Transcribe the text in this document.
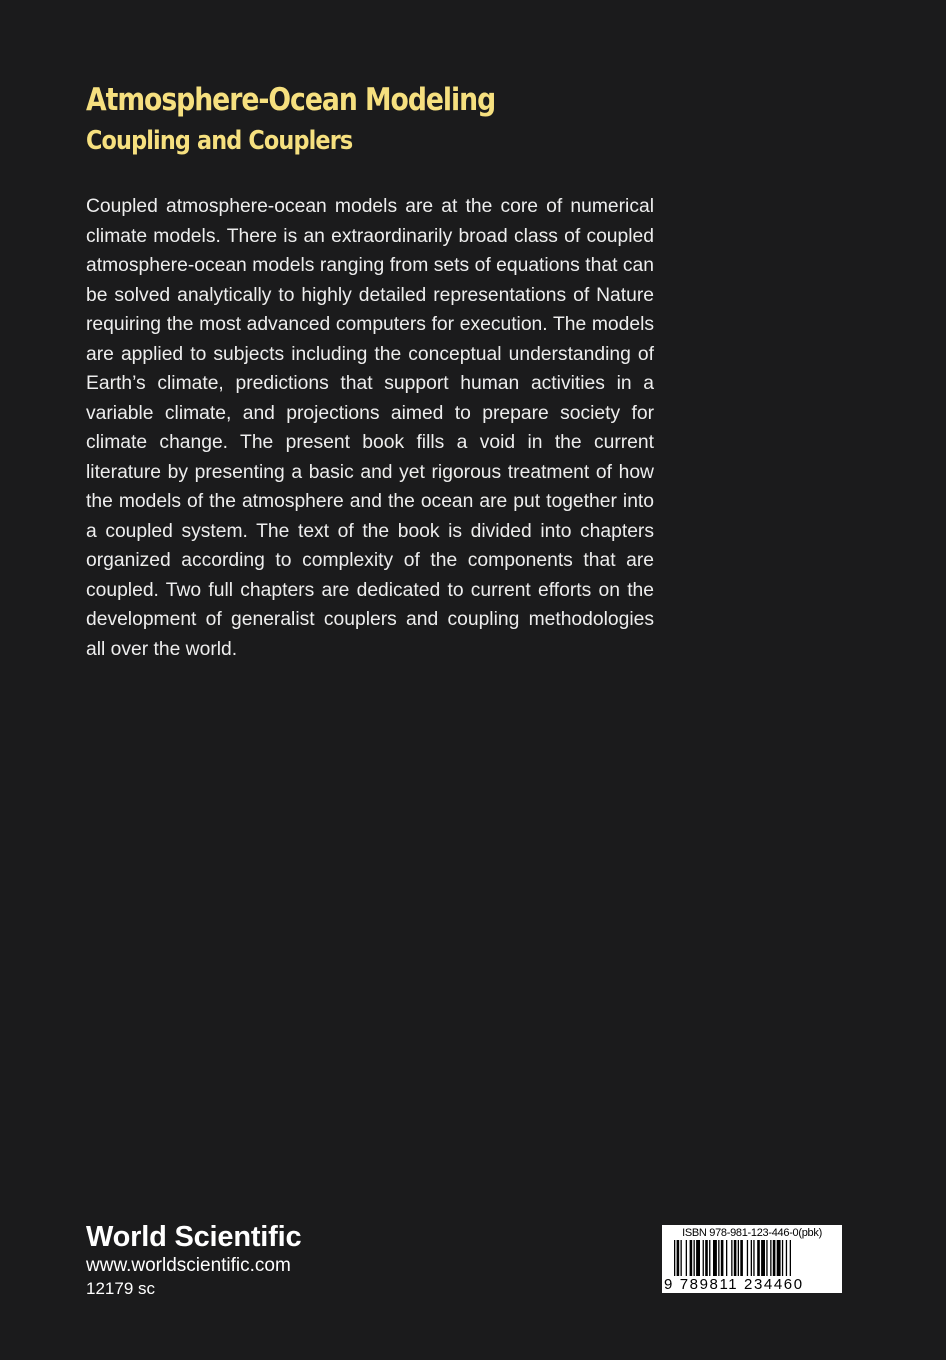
Atmosphere-Ocean Modeling
Coupling and Couplers

Coupled atmosphere-ocean models are at the core of numerical climate models. There is an extraordinarily broad class of coupled atmosphere-ocean models ranging from sets of equations that can be solved analytically to highly detailed representations of Nature requiring the most advanced computers for execution. The models are applied to subjects including the conceptual understanding of Earth’s climate, predictions that support human activities in a variable climate, and projections aimed to prepare society for climate change. The present book fills a void in the current literature by presenting a basic and yet rigorous treatment of how the models of the atmosphere and the ocean are put together into a coupled system. The text of the book is divided into chapters organized according to complexity of the components that are coupled. Two full chapters are dedicated to current efforts on the development of generalist couplers and coupling methodologies all over the world.

World Scientific
www.worldscientific.com
12179 sc
ISBN 978-981-123-446-0(pbk)
9 789811 234460
